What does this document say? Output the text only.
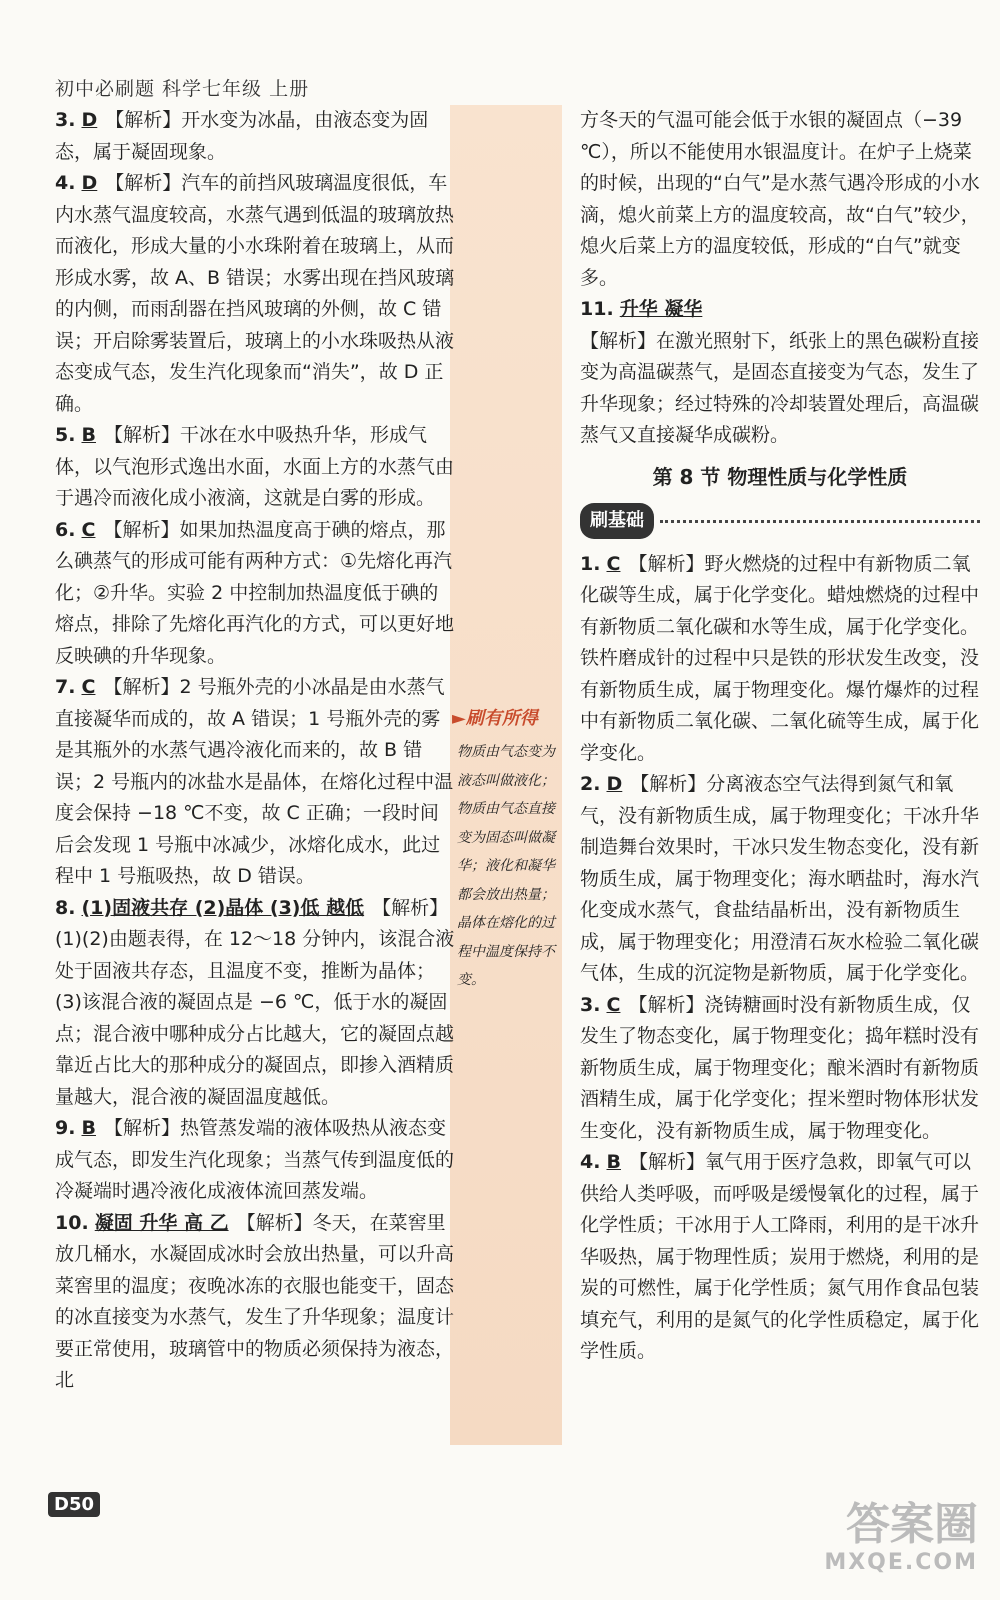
初中必刷题 科学七年级 上册
►刷有所得
物质由气态变为液态叫做液化；物质由气态直接变为固态叫做凝华；液化和凝华都会放出热量；晶体在熔化的过程中温度保持不变。

3. D 【解析】开水变为冰晶，由液态变为固态，属于凝固现象。

4. D 【解析】汽车的前挡风玻璃温度很低，车内水蒸气温度较高，水蒸气遇到低温的玻璃放热而液化，形成大量的小水珠附着在玻璃上，从而形成水雾，故 A、B 错误；水雾出现在挡风玻璃的内侧，而雨刮器在挡风玻璃的外侧，故 C 错误；开启除雾装置后，玻璃上的小水珠吸热从液态变成气态，发生汽化现象而“消失”，故 D 正确。

5. B 【解析】干冰在水中吸热升华，形成气体，以气泡形式逸出水面，水面上方的水蒸气由于遇冷而液化成小液滴，这就是白雾的形成。

6. C 【解析】如果加热温度高于碘的熔点，那么碘蒸气的形成可能有两种方式：①先熔化再汽化；②升华。实验 2 中控制加热温度低于碘的熔点，排除了先熔化再汽化的方式，可以更好地反映碘的升华现象。

7. C 【解析】2 号瓶外壳的小冰晶是由水蒸气直接凝华而成的，故 A 错误；1 号瓶外壳的雾是其瓶外的水蒸气遇冷液化而来的，故 B 错误；2 号瓶内的冰盐水是晶体，在熔化过程中温度会保持 −18 ℃不变，故 C 正确；一段时间后会发现 1 号瓶中冰减少，冰熔化成水，此过程中 1 号瓶吸热，故 D 错误。

8. (1)固液共存 (2)晶体 (3)低 越低 【解析】(1)(2)由题表得，在 12～18 分钟内，该混合液处于固液共存态，且温度不变，推断为晶体；(3)该混合液的凝固点是 −6 ℃，低于水的凝固点；混合液中哪种成分占比越大，它的凝固点越靠近占比大的那种成分的凝固点，即掺入酒精质量越大，混合液的凝固温度越低。

9. B 【解析】热管蒸发端的液体吸热从液态变成气态，即发生汽化现象；当蒸气传到温度低的冷凝端时遇冷液化成液体流回蒸发端。

10. 凝固 升华 高 乙 【解析】冬天，在菜窖里放几桶水，水凝固成冰时会放出热量，可以升高菜窖里的温度；夜晚冰冻的衣服也能变干，固态的冰直接变为水蒸气，发生了升华现象；温度计要正常使用，玻璃管中的物质必须保持为液态，北

方冬天的气温可能会低于水银的凝固点（−39 ℃），所以不能使用水银温度计。在炉子上烧菜的时候，出现的“白气”是水蒸气遇冷形成的小水滴，熄火前菜上方的温度较高，故“白气”较少，熄火后菜上方的温度较低，形成的“白气”就变多。

11. 升华 凝华
【解析】在激光照射下，纸张上的黑色碳粉直接变为高温碳蒸气，是固态直接变为气态，发生了升华现象；经过特殊的冷却装置处理后，高温碳蒸气又直接凝华成碳粉。

第 8 节 物理性质与化学性质
刷基础

1. C 【解析】野火燃烧的过程中有新物质二氧化碳等生成，属于化学变化。蜡烛燃烧的过程中有新物质二氧化碳和水等生成，属于化学变化。铁杵磨成针的过程中只是铁的形状发生改变，没有新物质生成，属于物理变化。爆竹爆炸的过程中有新物质二氧化碳、二氧化硫等生成，属于化学变化。

2. D 【解析】分离液态空气法得到氮气和氧气，没有新物质生成，属于物理变化；干冰升华制造舞台效果时，干冰只发生物态变化，没有新物质生成，属于物理变化；海水晒盐时，海水汽化变成水蒸气，食盐结晶析出，没有新物质生成，属于物理变化；用澄清石灰水检验二氧化碳气体，生成的沉淀物是新物质，属于化学变化。

3. C 【解析】浇铸糖画时没有新物质生成，仅发生了物态变化，属于物理变化；捣年糕时没有新物质生成，属于物理变化；酿米酒时有新物质酒精生成，属于化学变化；捏米塑时物体形状发生变化，没有新物质生成，属于物理变化。

4. B 【解析】氧气用于医疗急救，即氧气可以供给人类呼吸，而呼吸是缓慢氧化的过程，属于化学性质；干冰用于人工降雨，利用的是干冰升华吸热，属于物理性质；炭用于燃烧，利用的是炭的可燃性，属于化学性质；氮气用作食品包装填充气，利用的是氮气的化学性质稳定，属于化学性质。

D50	答案圈
MXQE.COM
